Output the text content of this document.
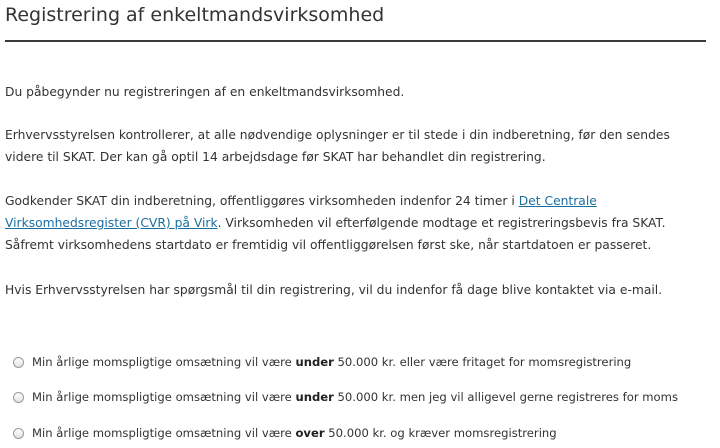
Registrering af enkeltmandsvirksomhed

Du påbegynder nu registreringen af en enkeltmandsvirksomhed.

Erhvervsstyrelsen kontrollerer, at alle nødvendige oplysninger er til stede i din indberetning, før den sendes
videre til SKAT. Der kan gå optil 14 arbejdsdage før SKAT har behandlet din registrering.

Godkender SKAT din indberetning, offentliggøres virksomheden indenfor 24 timer i Det Centrale
Virksomhedsregister (CVR) på Virk. Virksomheden vil efterfølgende modtage et registreringsbevis fra SKAT.
Såfremt virksomhedens startdato er fremtidig vil offentliggørelsen først ske, når startdatoen er passeret.

Hvis Erhvervsstyrelsen har spørgsmål til din registrering, vil du indenfor få dage blive kontaktet via e-mail.

Min årlige momspligtige omsætning vil være under 50.000 kr. eller være fritaget for momsregistrering
Min årlige momspligtige omsætning vil være under 50.000 kr. men jeg vil alligevel gerne registreres for moms
Min årlige momspligtige omsætning vil være over 50.000 kr. og kræver momsregistrering
